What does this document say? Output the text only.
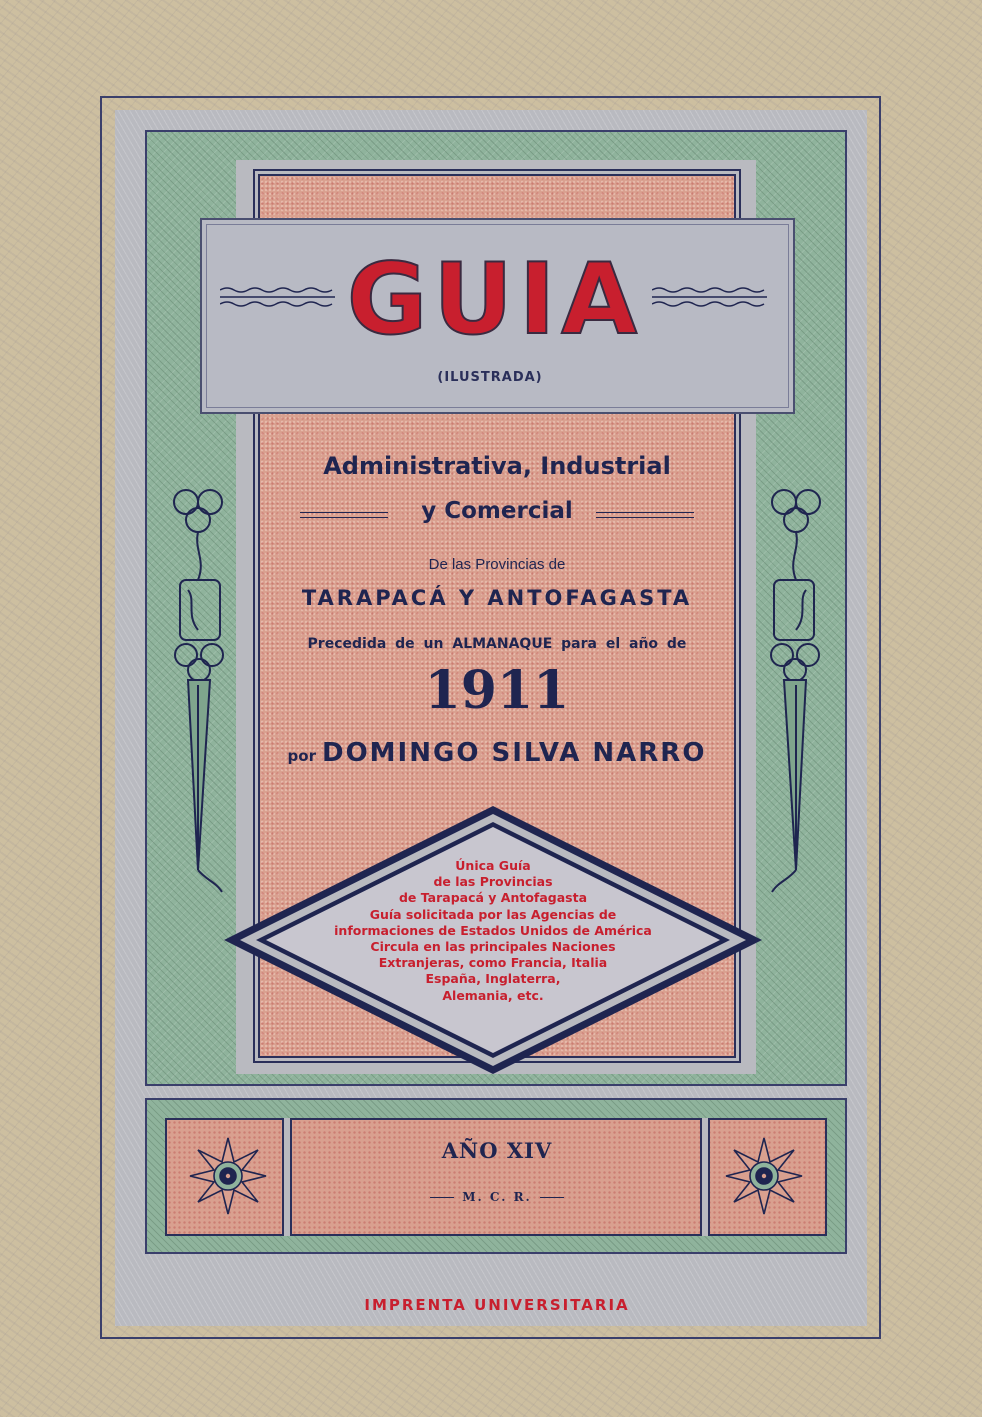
GUIA
(ILUSTRADA)
Administrativa, Industrial
y Comercial
De las Provincias de
TARAPACÁ Y ANTOFAGASTA
Precedida de un ALMANAQUE para el año de
1911
por DOMINGO SILVA NARRO
Única Guía
de las Provincias
de Tarapacá y Antofagasta
Guía solicitada por las Agencias de
informaciones de Estados Unidos de América
Circula en las principales Naciones
Extranjeras, como Francia, Italia
España, Inglaterra,
Alemania, etc.
AÑO XIV
M. C. R.
IMPRENTA UNIVERSITARIA
